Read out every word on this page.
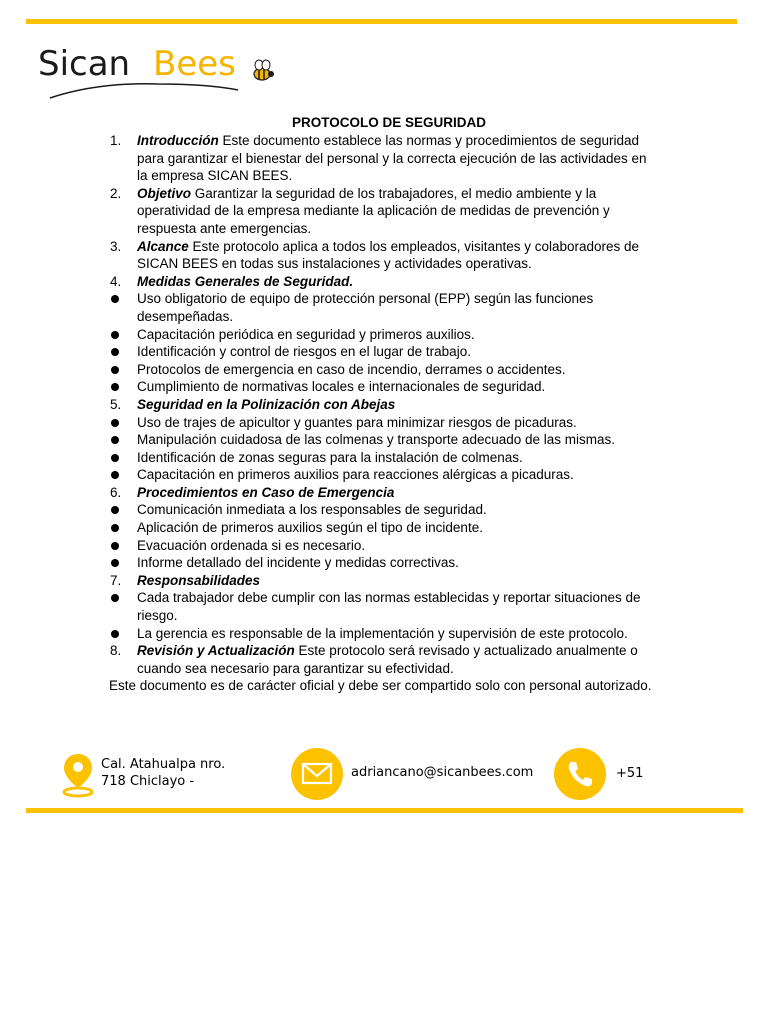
Sican Bees
PROTOCOLO DE SEGURIDAD
1. Introducción Este documento establece las normas y procedimientos de seguridad para garantizar el bienestar del personal y la correcta ejecución de las actividades en la empresa SICAN BEES.
2. Objetivo Garantizar la seguridad de los trabajadores, el medio ambiente y la operatividad de la empresa mediante la aplicación de medidas de prevención y respuesta ante emergencias.
3. Alcance Este protocolo aplica a todos los empleados, visitantes y colaboradores de SICAN BEES en todas sus instalaciones y actividades operativas.
4. Medidas Generales de Seguridad.
Uso obligatorio de equipo de protección personal (EPP) según las funciones desempeñadas.
Capacitación periódica en seguridad y primeros auxilios.
Identificación y control de riesgos en el lugar de trabajo.
Protocolos de emergencia en caso de incendio, derrames o accidentes.
Cumplimiento de normativas locales e internacionales de seguridad.
5. Seguridad en la Polinización con Abejas
Uso de trajes de apicultor y guantes para minimizar riesgos de picaduras.
Manipulación cuidadosa de las colmenas y transporte adecuado de las mismas.
Identificación de zonas seguras para la instalación de colmenas.
Capacitación en primeros auxilios para reacciones alérgicas a picaduras.
6. Procedimientos en Caso de Emergencia
Comunicación inmediata a los responsables de seguridad.
Aplicación de primeros auxilios según el tipo de incidente.
Evacuación ordenada si es necesario.
Informe detallado del incidente y medidas correctivas.
7. Responsabilidades
Cada trabajador debe cumplir con las normas establecidas y reportar situaciones de riesgo.
La gerencia es responsable de la implementación y supervisión de este protocolo.
8. Revisión y Actualización Este protocolo será revisado y actualizado anualmente o cuando sea necesario para garantizar su efectividad.
Este documento es de carácter oficial y debe ser compartido solo con personal autorizado.
Cal. Atahualpa nro. 718 Chiclayo -
adriancano@sicanbees.com	+51
